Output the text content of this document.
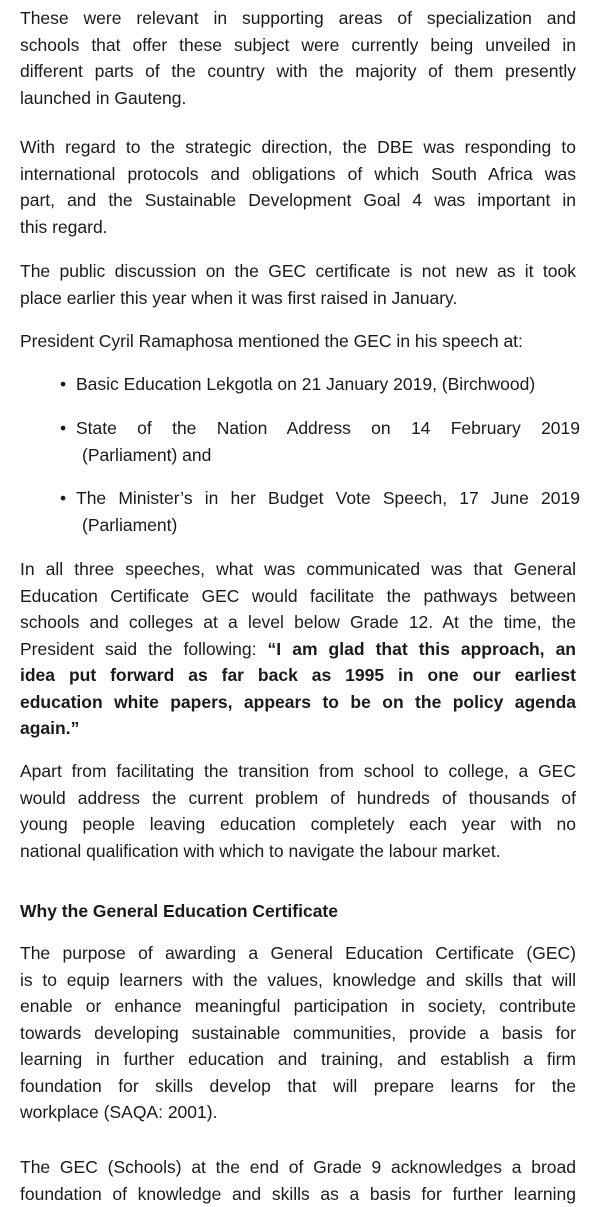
These were relevant in supporting areas of specialization and
schools that offer these subject were currently being unveiled in
different parts of the country with the majority of them presently
launched in Gauteng.

With regard to the strategic direction, the DBE was responding to
international protocols and obligations of which South Africa was
part, and the Sustainable Development Goal 4 was important in
this regard.

The public discussion on the GEC certificate is not new as it took
place earlier this year when it was first raised in January.

President Cyril Ramaphosa mentioned the GEC in his speech at:

• Basic Education Lekgotla on 21 January 2019, (Birchwood)
• State of the Nation Address on 14 February 2019
(Parliament) and
• The Minister’s in her Budget Vote Speech, 17 June 2019
(Parliament)

In all three speeches, what was communicated was that General
Education Certificate GEC would facilitate the pathways between
schools and colleges at a level below Grade 12. At the time, the
President said the following: “I am glad that this approach, an
idea put forward as far back as 1995 in one our earliest
education white papers, appears to be on the policy agenda
again.”

Apart from facilitating the transition from school to college, a GEC
would address the current problem of hundreds of thousands of
young people leaving education completely each year with no
national qualification with which to navigate the labour market.

Why the General Education Certificate

The purpose of awarding a General Education Certificate (GEC)
is to equip learners with the values, knowledge and skills that will
enable or enhance meaningful participation in society, contribute
towards developing sustainable communities, provide a basis for
learning in further education and training, and establish a firm
foundation for skills develop that will prepare learns for the
workplace (SAQA: 2001).

The GEC (Schools) at the end of Grade 9 acknowledges a broad
foundation of knowledge and skills as a basis for further learning
